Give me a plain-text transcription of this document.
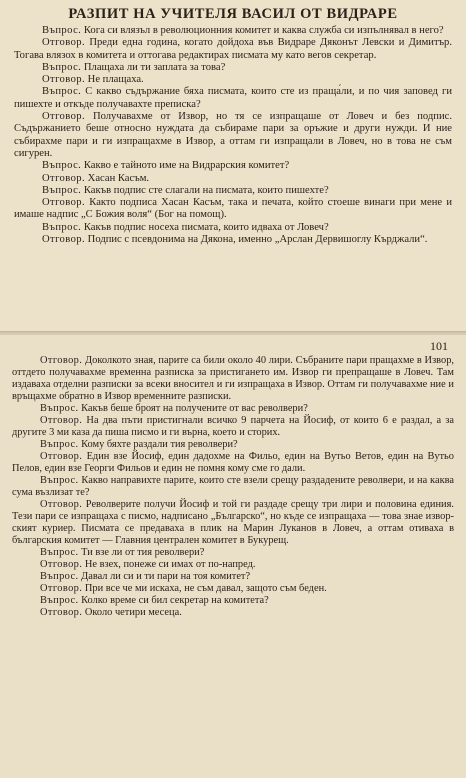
РАЗПИТ НА УЧИТЕЛЯ ВАСИЛ ОТ ВИДРАРЕ

Въпрос. Кога си влязъл в революционния комитет и каква служба си изпълнявал в него?

Отговор. Преди една година, когато дойдоха във Видраре Дяконът Левски и Димитър. Тогава влязох в комитета и оттогава редактирах писмата му като вегов секретар.

Въпрос. Плащаха ли ти заплата за това?

Отговор. Не плащаха.

Въпрос. С какво съдържание бяха писмата, които сте из праща́ли, и по чия заповед ги пишехте и откъде получавахте преписка?

Отговор. Получавахме от Извор, но тя се изпращаше от Ловеч и без подпис. Съдържанието беше относно нуждата да събираме пари за оръжие и други нужди. И ние събирахме пари и ги изпращахме в Извор, а оттам ги изпращали в Ловеч, но в това не съм сигурен.

Въпрос. Какво е тайното име на Видрарския комитет?

Отговор. Хасан Касъм.

Въпрос. Какъв подпис сте слагали на писмата, които пишехте?

Отговор. Както подписа Хасан Касъм, така и печата, който стоеше винаги при мене и имаше надпис „С Божия воля“ (Бог на помощ).

Въпрос. Какъв подпис носеха писмата, които идваха от Ловеч?

Отговор. Подпис с псевдонима на Дякона, именно „Арслан Дервишоглу Кърджали“.

101

Отговор. Доколкото зная, парите са били около 40 лири. Събраните пари пращахме в Извор, оттдето получавахме временна разписка за пристигането им. Извор ги препращаше в Ловеч. Там издаваха отделни разписки за всеки вносител и ги изпращаха в Извор. Оттам ги получавахме ние и връщахме обратно в Извор временните разписки.

Въпрос. Какъв беше броят на получените от вас револвери?

Отговор. На два пъти пристигнали всичко 9 парчета на Йосиф, от които 6 е раздал, а за другите 3 ми каза да пиша писмо и ги върна, което и сторих.

Въпрос. Кому бяхте раздали тия револвери?

Отговор. Един взе Йосиф, един дадохме на Фильо, един на Вутьо Ветов, един на Вутьо Пелов, един взе Георги Фильов и един не помня кому сме го дали.

Въпрос. Какво направихте парите, които сте взели срещу раздадените револвери, и на каква сума възлизат те?

Отговор. Револверите получи Йосиф и той ги раздаде срещу три лири и половина единия. Тези пари се изпращаха с писмо, надписано „Българско“, но къде се изпращаха — това знае извор-ският куриер. Писмата се предаваха в плик на Марин Луканов в Ловеч, а оттам отиваха в българския комитет — Главния централен комитет в Букурещ.

Въпрос. Ти взе ли от тия револвери?

Отговор. Не взех, понеже си имах от по-напред.

Въпрос. Давал ли си и ти пари на тоя комитет?

Отговор. При все че ми искаха, не съм давал, защото съм беден.

Въпрос. Колко време си бил секретар на комитета?

Отговор. Около четири месеца.
